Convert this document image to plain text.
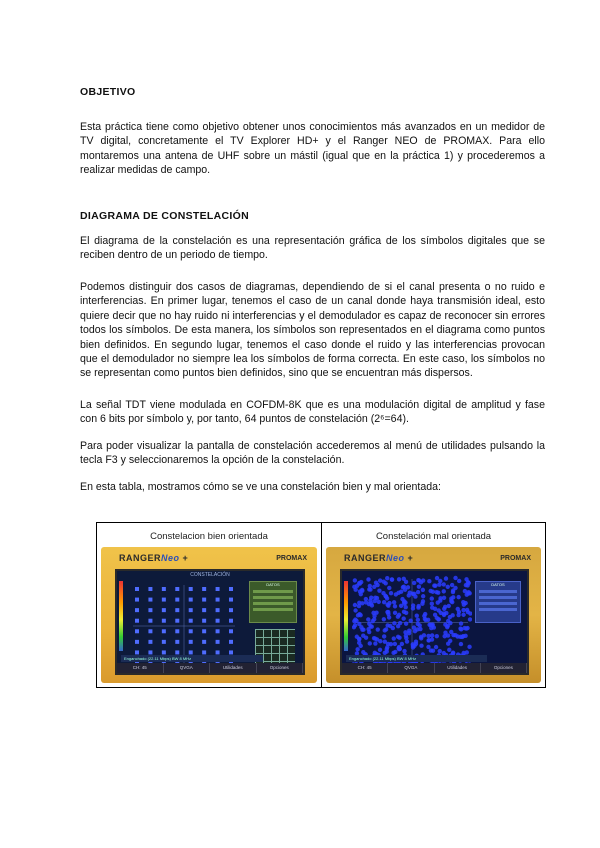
OBJETIVO

Esta práctica tiene como objetivo obtener unos conocimientos más avanzados en un medidor de TV digital, concretamente el TV Explorer HD+ y el Ranger NEO de PROMAX. Para ello montaremos una antena de UHF sobre un mástil (igual que en la práctica 1) y procederemos a realizar medidas de campo.

DIAGRAMA DE CONSTELACIÓN

El diagrama de la constelación es una representación gráfica de los símbolos digitales que se reciben dentro de un periodo de tiempo.

Podemos distinguir dos casos de diagramas, dependiendo de si el canal presenta o no ruido e interferencias. En primer lugar, tenemos el caso de un canal donde haya transmisión ideal, esto quiere decir que no hay ruido ni interferencias y el demodulador es capaz de reconocer sin errores todos los símbolos. De esta manera, los símbolos son representados en el diagrama como puntos bien definidos. En segundo lugar, tenemos el caso donde el ruido y las interferencias provocan que el demodulador no siempre lea los símbolos de forma correcta. En este caso, los símbolos no se representan como puntos bien definidos, sino que se encuentran más dispersos.

La señal TDT viene modulada en COFDM-8K que es una modulación digital de amplitud y fase con 6 bits por símbolo y, por tanto, 64 puntos de constelación (2⁶=64).

Para poder visualizar la pantalla de constelación accederemos al menú de utilidades pulsando la tecla F3 y seleccionaremos la opción de la constelación.

En esta tabla, mostramos cómo se ve una constelación bien y mal orientada:

Constelacion bien orientada
RANGERNeo +	PROMAX
CONSTELACIÓN
DATOS
Enganchado (22.11 Mbps) BW 8 MHz
CH: 45	QVGA	Utilidades	Opciones
Constelación mal orientada
RANGERNeo +	PROMAX
DATOS
Enganchado (22.11 Mbps) BW 8 MHz
CH: 45	QVGA	Utilidades	Opciones
